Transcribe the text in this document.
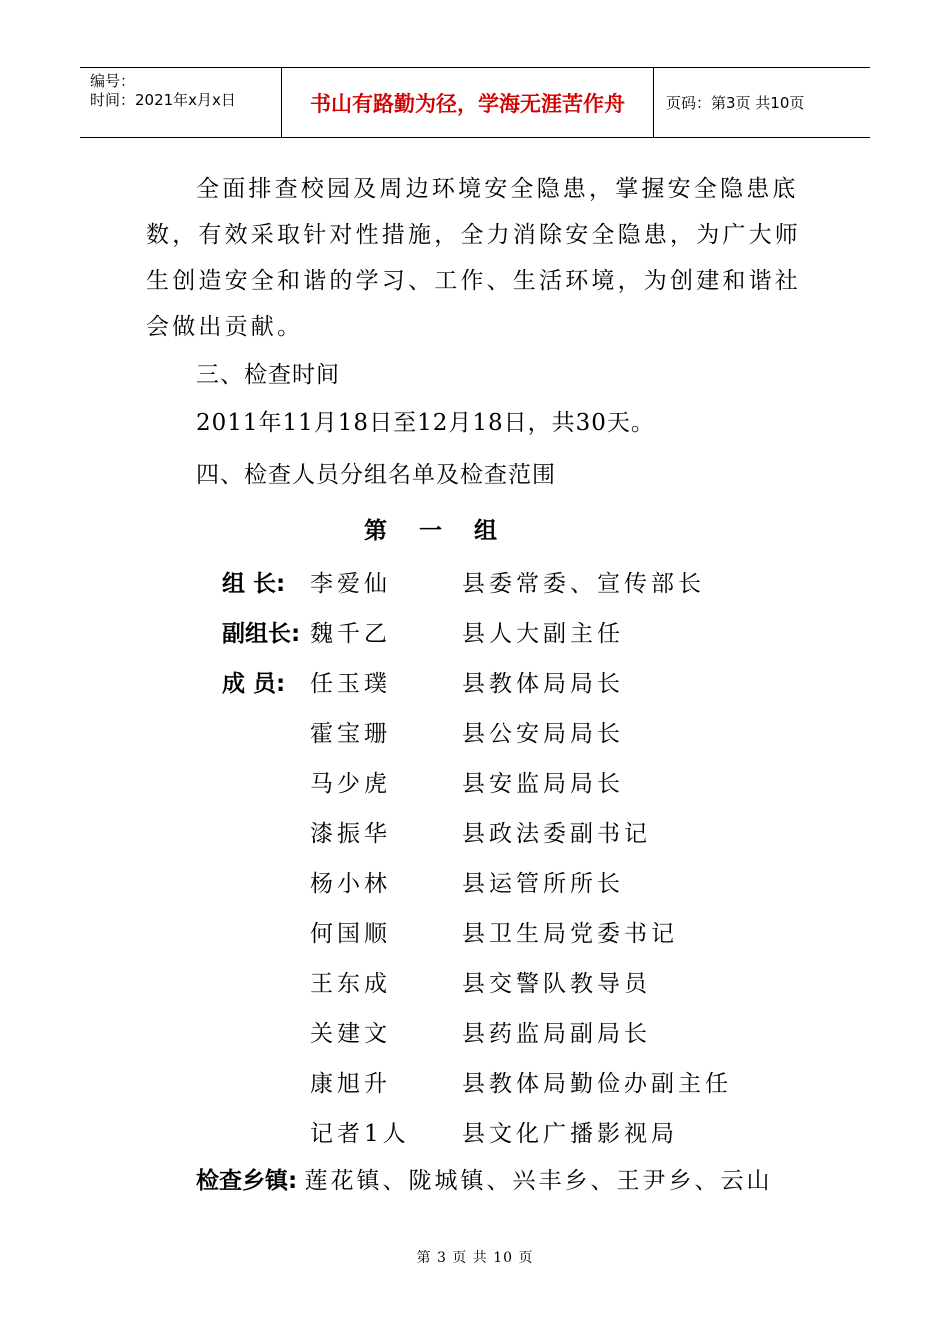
编号：
时间：2021年x月x日	书山有路勤为径，学海无涯苦作舟	页码：第3页 共10页
全面排查校园及周边环境安全隐患，掌握安全隐患底
数，有效采取针对性措施，全力消除安全隐患，为广大师
生创造安全和谐的学习、工作、生活环境，为创建和谐社
会做出贡献。
三、检查时间
2011年11月18日至12月18日，共30天。
四、检查人员分组名单及检查范围
第 一 组
组 长: 李爱仙	县委常委、宣传部长
副组长: 魏千乙	县人大副主任
成 员: 任玉璞	县教体局局长
霍宝珊	县公安局局长
马少虎	县安监局局长
漆振华	县政法委副书记
杨小林	县运管所所长
何国顺	县卫生局党委书记
王东成	县交警队教导员
关建文	县药监局副局长
康旭升	县教体局勤俭办副主任
记者1人 县文化广播影视局
检查乡镇: 莲花镇、陇城镇、兴丰乡、王尹乡、云山
第 3 页 共 10 页
